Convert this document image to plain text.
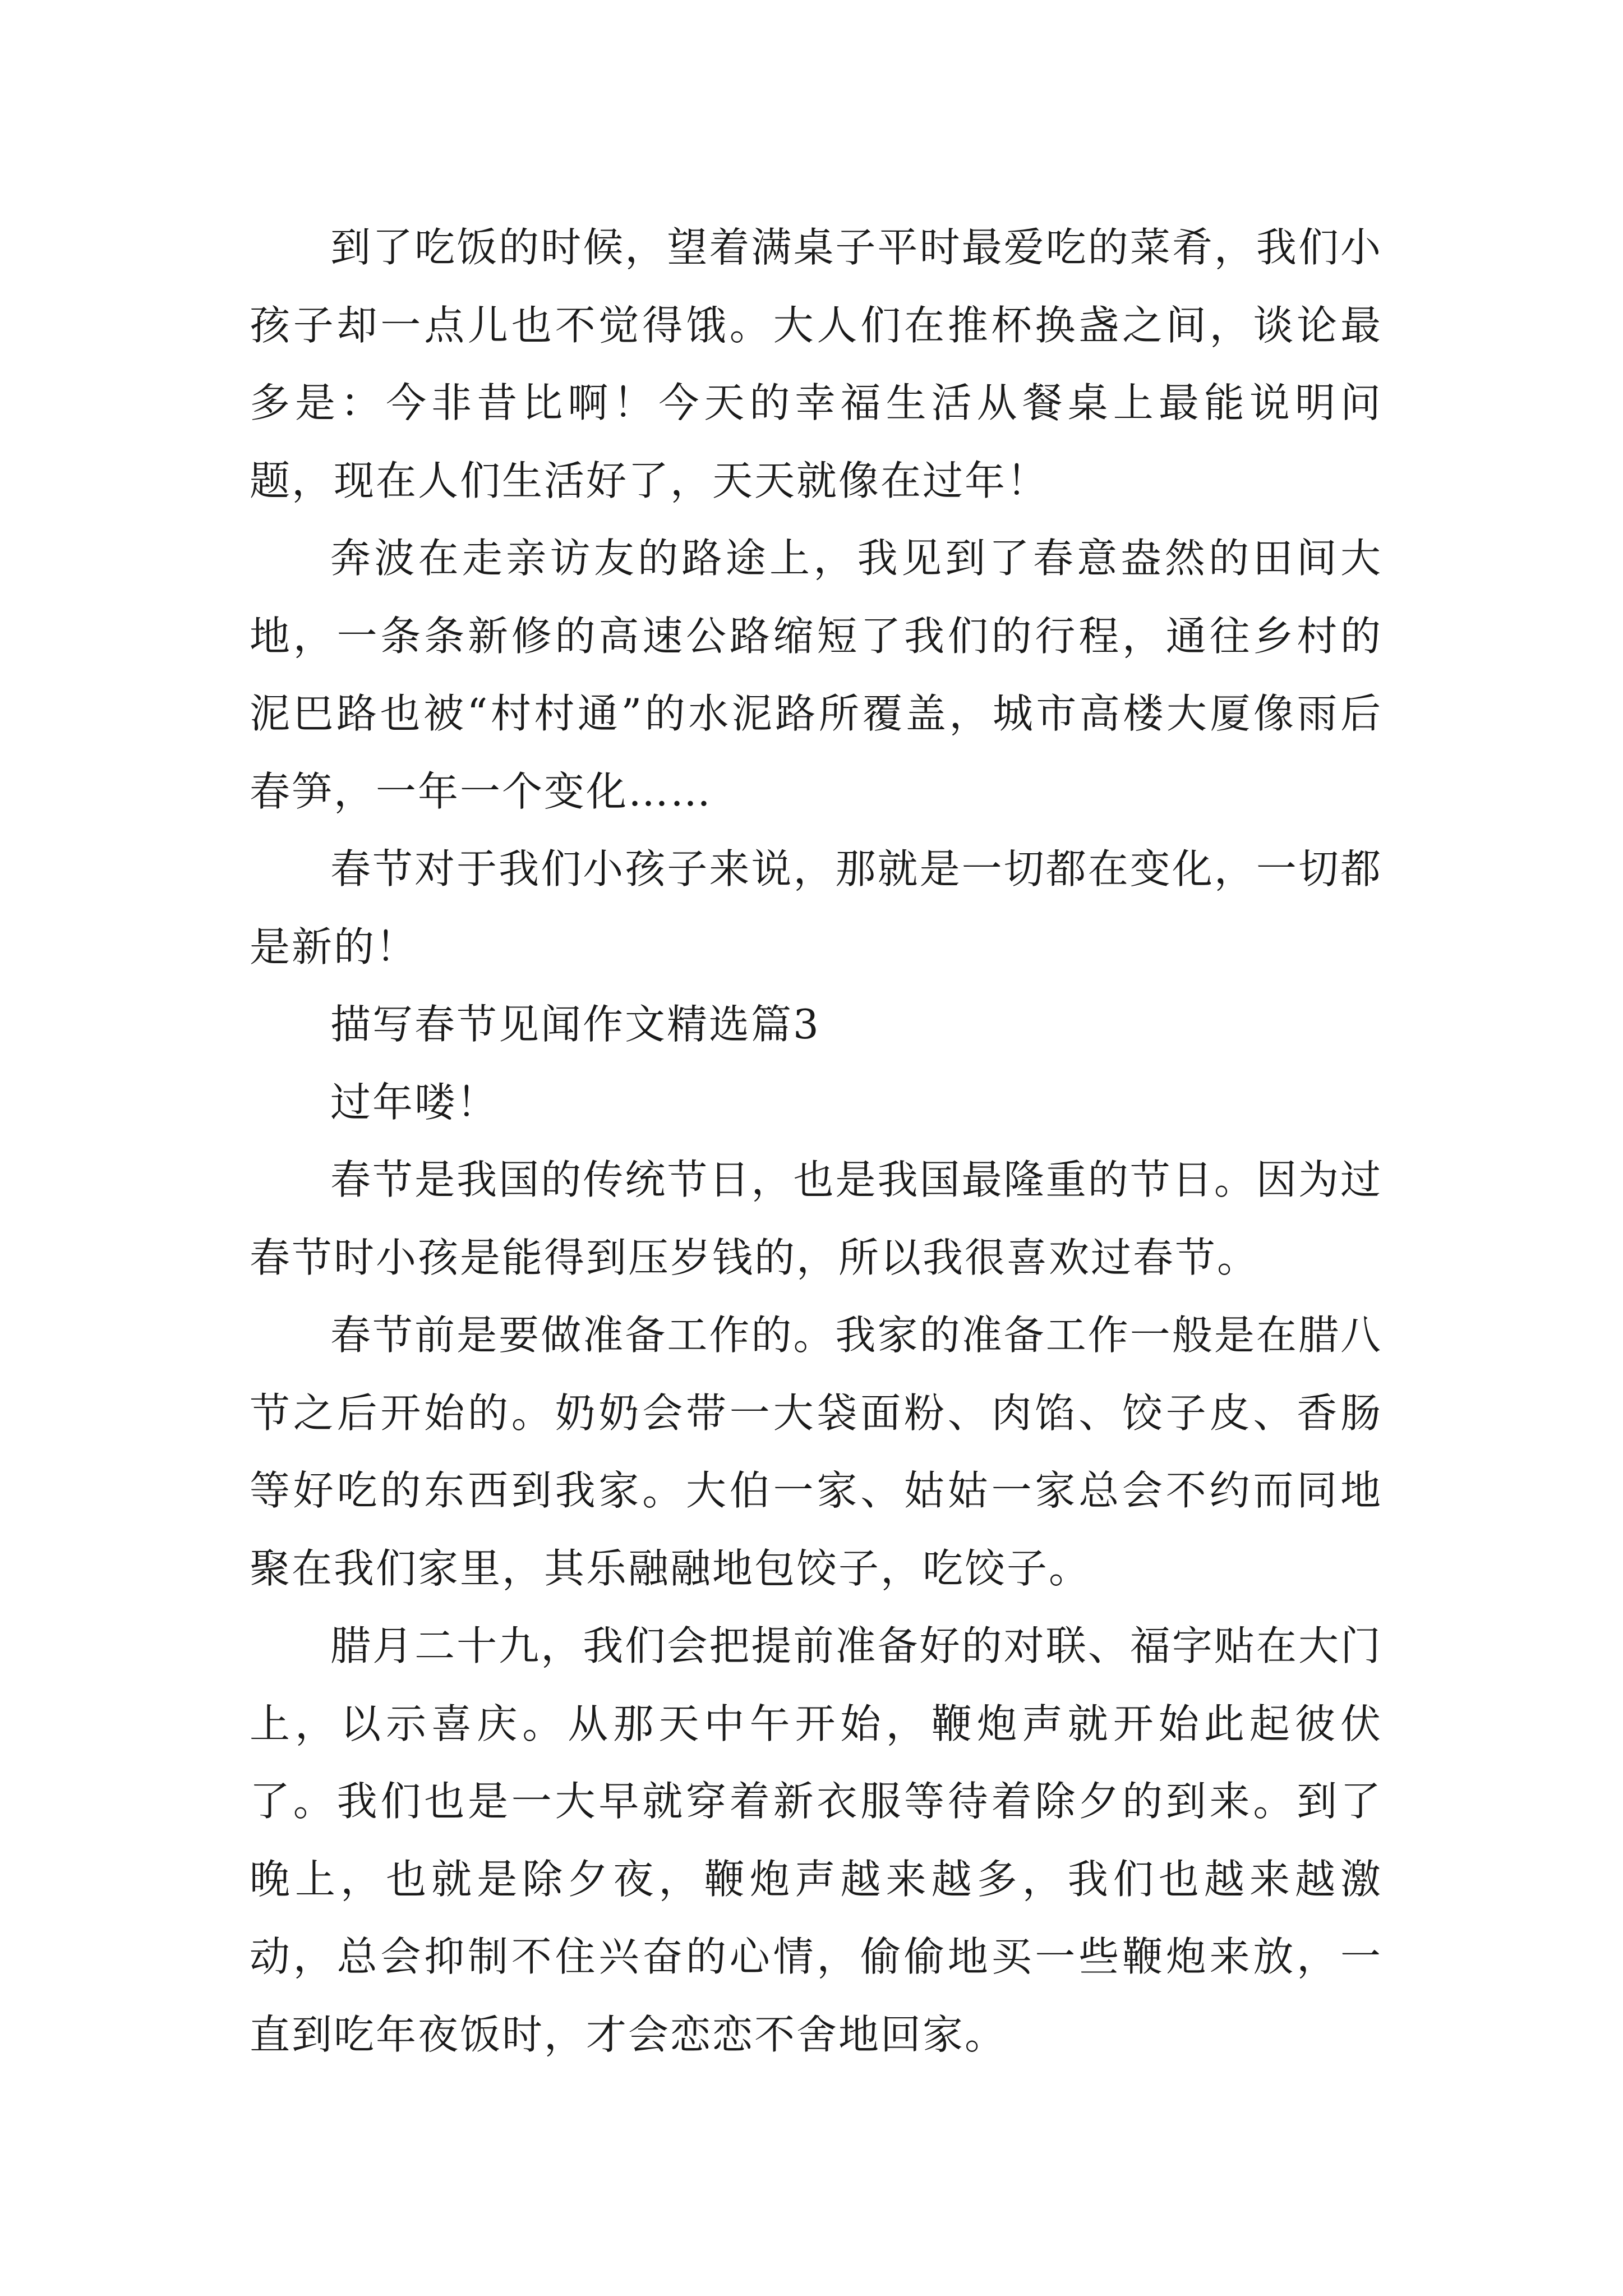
到了吃饭的时候，望着满桌子平时最爱吃的菜肴，我们小孩子却一点儿也不觉得饿。大人们在推杯换盏之间，谈论最多是：今非昔比啊！今天的幸福生活从餐桌上最能说明问题，现在人们生活好了，天天就像在过年！

奔波在走亲访友的路途上，我见到了春意盎然的田间大地，一条条新修的高速公路缩短了我们的行程，通往乡村的泥巴路也被“村村通”的水泥路所覆盖，城市高楼大厦像雨后春笋，一年一个变化……

春节对于我们小孩子来说，那就是一切都在变化，一切都是新的！

描写春节见闻作文精选篇3

过年喽！

春节是我国的传统节日，也是我国最隆重的节日。因为过春节时小孩是能得到压岁钱的，所以我很喜欢过春节。

春节前是要做准备工作的。我家的准备工作一般是在腊八节之后开始的。奶奶会带一大袋面粉、肉馅、饺子皮、香肠等好吃的东西到我家。大伯一家、姑姑一家总会不约而同地聚在我们家里，其乐融融地包饺子，吃饺子。

腊月二十九，我们会把提前准备好的对联、福字贴在大门上，以示喜庆。从那天中午开始，鞭炮声就开始此起彼伏了。我们也是一大早就穿着新衣服等待着除夕的到来。到了晚上，也就是除夕夜，鞭炮声越来越多，我们也越来越激动，总会抑制不住兴奋的心情，偷偷地买一些鞭炮来放，一直到吃年夜饭时，才会恋恋不舍地回家。
